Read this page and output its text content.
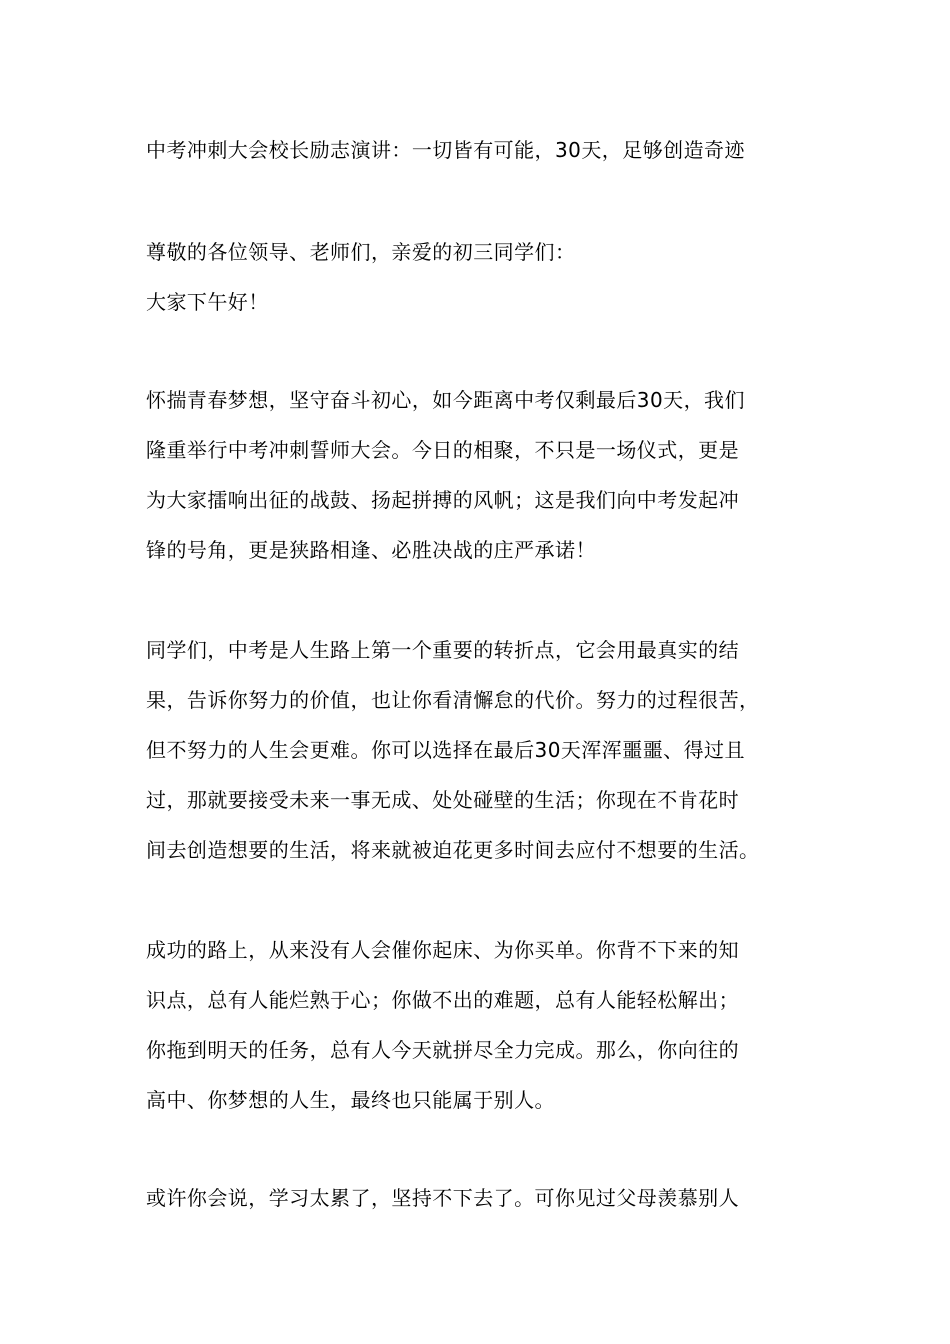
中考冲刺大会校长励志演讲：一切皆有可能，30天，足够创造奇迹
尊敬的各位领导、老师们，亲爱的初三同学们：
大家下午好！
怀揣青春梦想，坚守奋斗初心，如今距离中考仅剩最后30天，我们
隆重举行中考冲刺誓师大会。今日的相聚，不只是一场仪式，更是
为大家擂响出征的战鼓、扬起拼搏的风帆；这是我们向中考发起冲
锋的号角，更是狭路相逢、必胜决战的庄严承诺！
同学们，中考是人生路上第一个重要的转折点，它会用最真实的结
果，告诉你努力的价值，也让你看清懈怠的代价。努力的过程很苦，
但不努力的人生会更难。你可以选择在最后30天浑浑噩噩、得过且
过，那就要接受未来一事无成、处处碰壁的生活；你现在不肯花时
间去创造想要的生活，将来就被迫花更多时间去应付不想要的生活。
成功的路上，从来没有人会催你起床、为你买单。你背不下来的知
识点，总有人能烂熟于心；你做不出的难题，总有人能轻松解出；
你拖到明天的任务，总有人今天就拼尽全力完成。那么，你向往的
高中、你梦想的人生，最终也只能属于别人。
或许你会说，学习太累了，坚持不下去了。可你见过父母羡慕别人
